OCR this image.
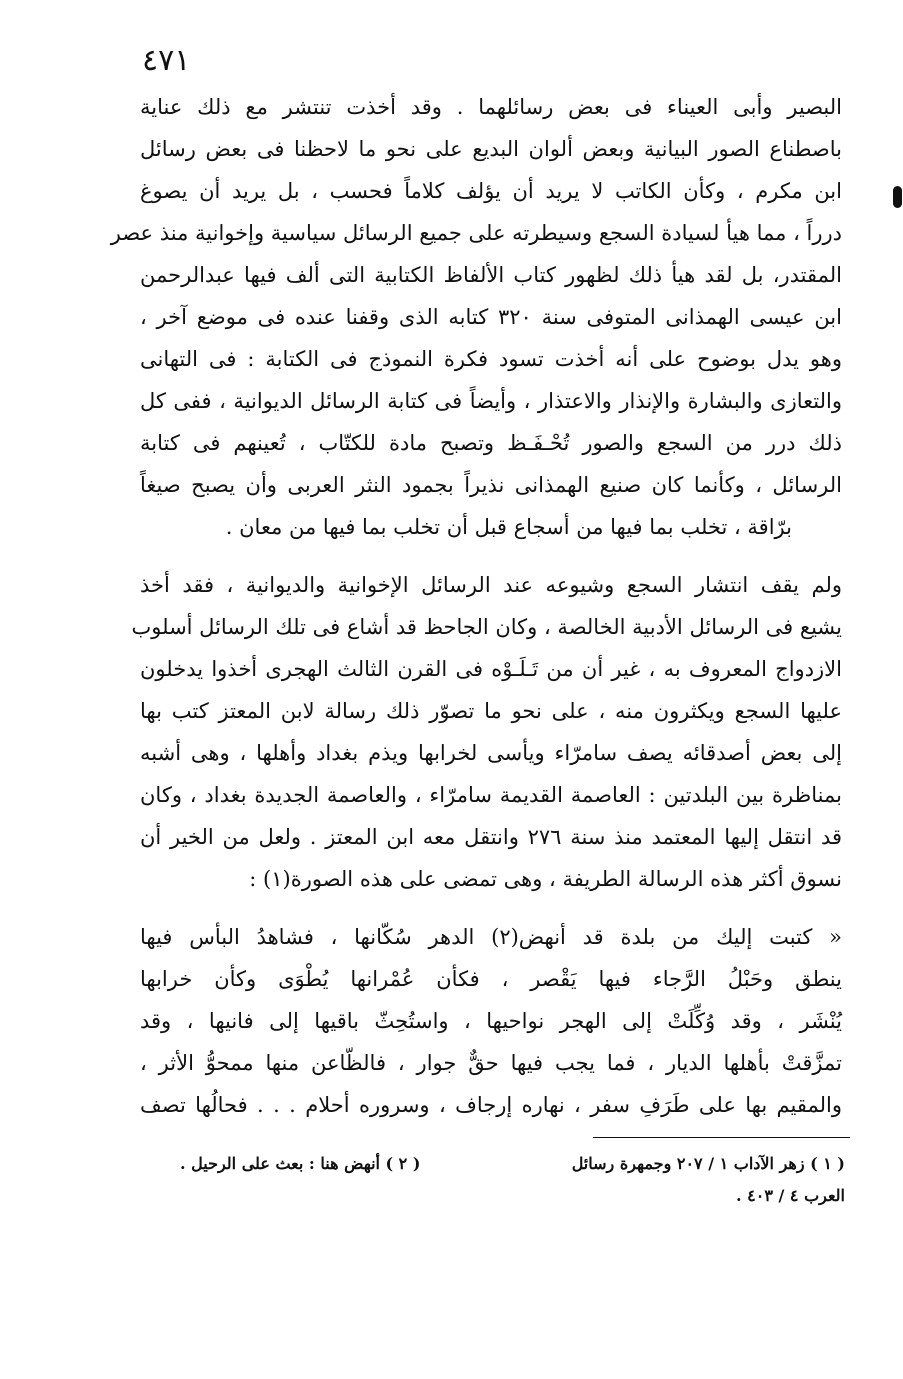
٤٧١
البصير وأبى العيناء فى بعض رسائلهما . وقد أخذت تنتشر مع ذلك عناية
باصطناع الصور البيانية وبعض ألوان البديع على نحو ما لاحظنا فى بعض رسائل
ابن مكرم ، وكأن الكاتب لا يريد أن يؤلف كلاماً فحسب ، بل يريد أن يصوغ
درراً ، مما هيأ لسيادة السجع وسيطرته على جميع الرسائل سياسية وإخوانية منذ عصر
المقتدر، بل لقد هيأ ذلك لظهور كتاب الألفاظ الكتابية التى ألف فيها عبدالرحمن
ابن عيسى الهمذانى المتوفى سنة ٣٢٠ كتابه الذى وقفنا عنده فى موضع آخر ،
وهو يدل بوضوح على أنه أخذت تسود فكرة النموذج فى الكتابة : فى التهانى
والتعازى والبشارة والإنذار والاعتذار ، وأيضاً فى كتابة الرسائل الديوانية ، ففى كل
ذلك درر من السجع والصور تُحْـفَـظ وتصبح مادة للكتّاب ، تُعينهم فى كتابة
الرسائل ، وكأنما كان صنيع الهمذانى نذيراً بجمود النثر العربى وأن يصبح صيغاً
برّاقة ، تخلب بما فيها من أسجاع قبل أن تخلب بما فيها من معان .
ولم يقف انتشار السجع وشيوعه عند الرسائل الإخوانية والديوانية ، فقد أخذ
يشيع فى الرسائل الأدبية الخالصة ، وكان الجاحظ قد أشاع فى تلك الرسائل أسلوب
الازدواج المعروف به ، غير أن من تَـلَـوْه فى القرن الثالث الهجرى أخذوا يدخلون
عليها السجع ويكثرون منه ، على نحو ما تصوّر ذلك رسالة لابن المعتز كتب بها
إلى بعض أصدقائه يصف سامرّاء ويأسى لخرابها ويذم بغداد وأهلها ، وهى أشبه
بمناظرة بين البلدتين : العاصمة القديمة سامرّاء ، والعاصمة الجديدة بغداد ، وكان
قد انتقل إليها المعتمد منذ سنة ٢٧٦ وانتقل معه ابن المعتز . ولعل من الخير أن
نسوق أكثر هذه الرسالة الطريفة ، وهى تمضى على هذه الصورة(١) :
« كتبت إليك من بلدة قد أنهض(٢) الدهر سُكّانها ، فشاهدُ البأس فيها
ينطق وحَبْلُ الرَّجاء فيها يَقْصر ، فكأن عُمْرانها يُطْوَى وكأن خرابها
يُنْشَر ، وقد وُكِّلَتْ إلى الهجر نواحيها ، واستُحِثّ باقيها إلى فانيها ، وقد
تمزَّقتْ بأهلها الديار ، فما يجب فيها حقٌّ جوار ، فالظّاعن منها ممحوُّ الأثر ،
والمقيم بها على طَرَفِ سفر ، نهاره إرجاف ، وسروره أحلام . . . فحالُها تصف
( ١ ) زهر الآداب ١ / ٢٠٧ وجمهرة رسائل
( ٢ ) أنهض هنا : بعث على الرحيل .
العرب ٤ / ٤٠٣ .
